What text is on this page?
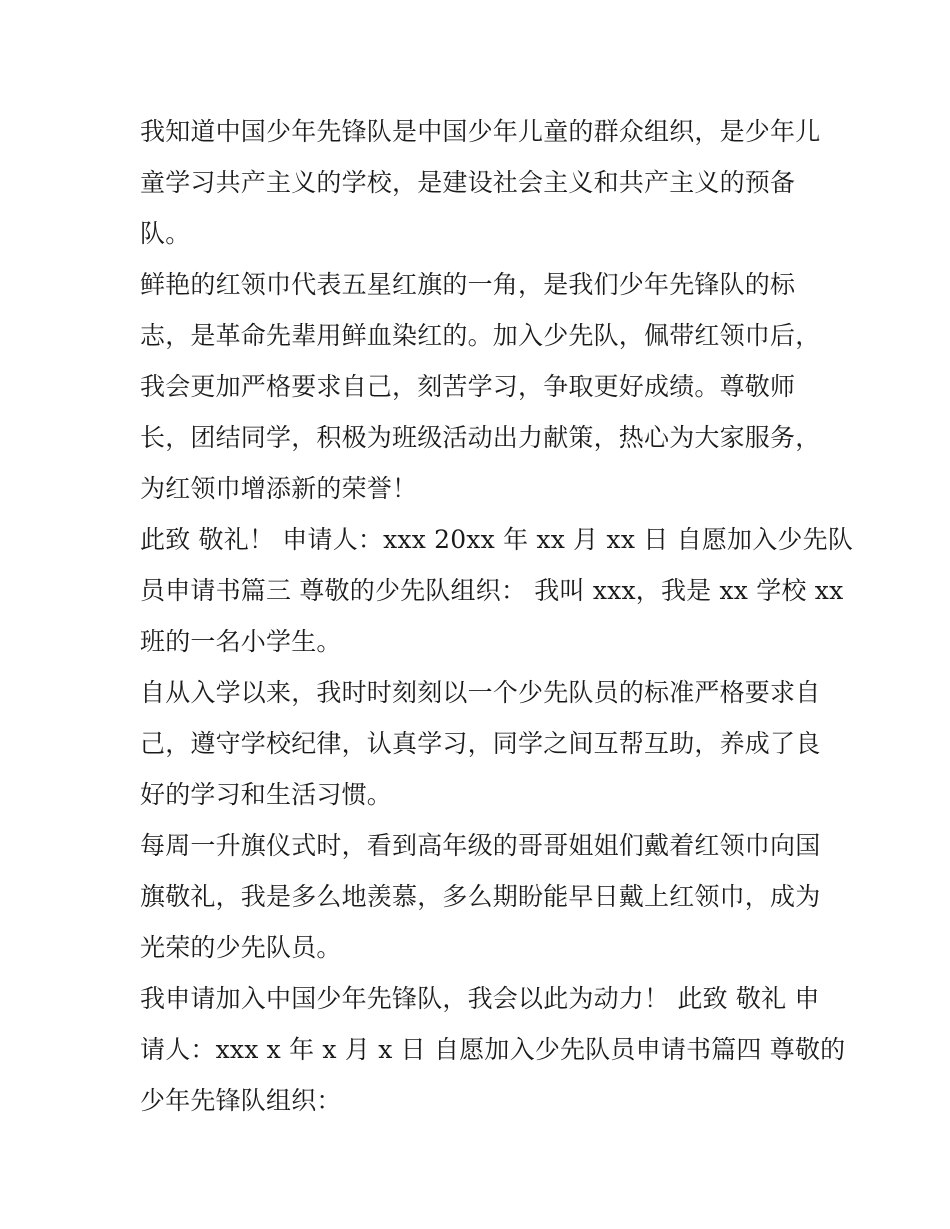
我知道中国少年先锋队是中国少年儿童的群众组织，是少年儿
童学习共产主义的学校，是建设社会主义和共产主义的预备
队。
鲜艳的红领巾代表五星红旗的一角，是我们少年先锋队的标
志，是革命先辈用鲜血染红的。加入少先队，佩带红领巾后，
我会更加严格要求自己，刻苦学习，争取更好成绩。尊敬师
长，团结同学，积极为班级活动出力献策，热心为大家服务，
为红领巾增添新的荣誉！
此致 敬礼！ 申请人：xxx 20xx 年 xx 月 xx 日 自愿加入少先队
员申请书篇三 尊敬的少先队组织： 我叫 xxx，我是 xx 学校 xx
班的一名小学生。
自从入学以来，我时时刻刻以一个少先队员的标准严格要求自
己，遵守学校纪律，认真学习，同学之间互帮互助，养成了良
好的学习和生活习惯。
每周一升旗仪式时，看到高年级的哥哥姐姐们戴着红领巾向国
旗敬礼，我是多么地羡慕，多么期盼能早日戴上红领巾，成为
光荣的少先队员。
我申请加入中国少年先锋队，我会以此为动力！ 此致 敬礼 申
请人：xxx x 年 x 月 x 日 自愿加入少先队员申请书篇四 尊敬的
少年先锋队组织：
